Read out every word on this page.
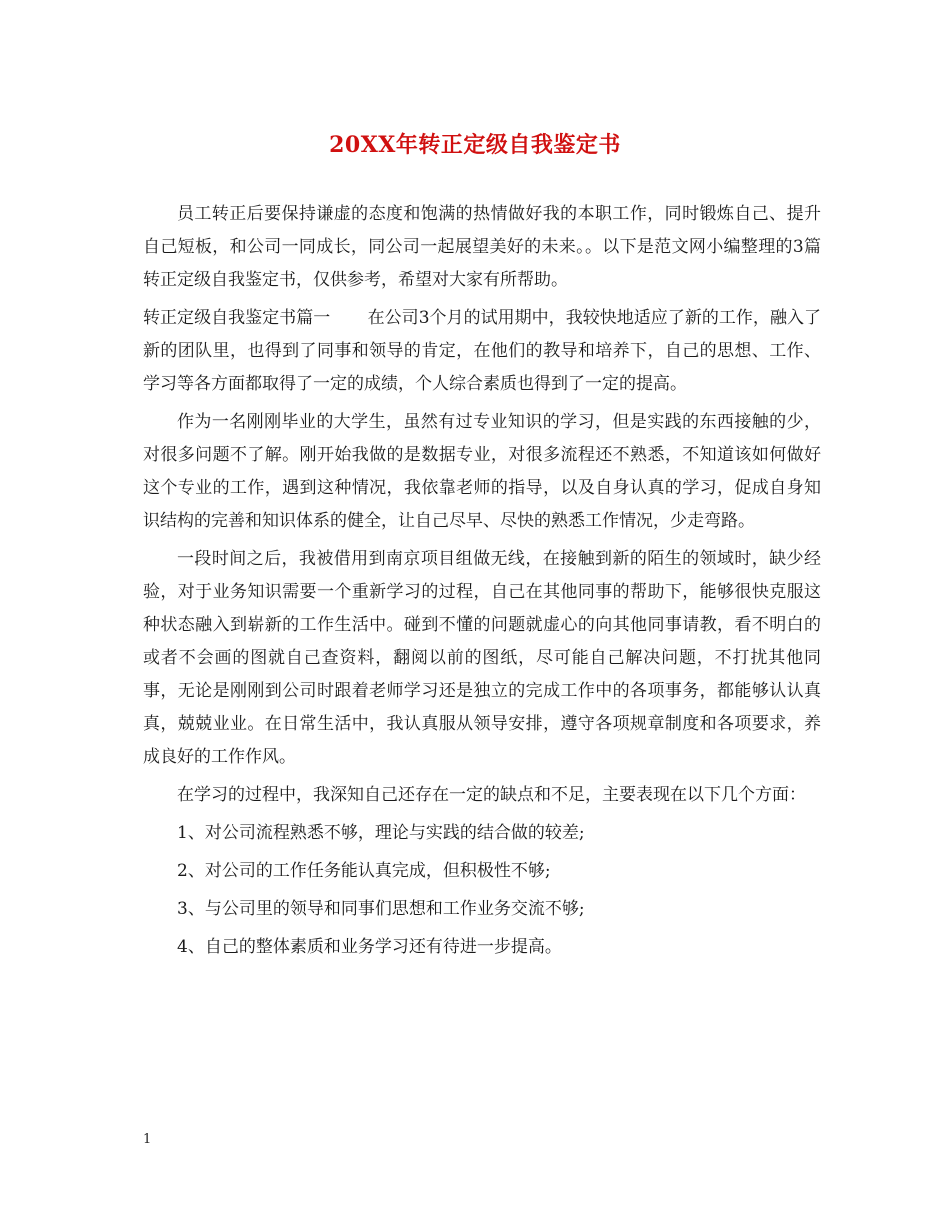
20XX年转正定级自我鉴定书

员工转正后要保持谦虚的态度和饱满的热情做好我的本职工作，同时锻炼自己、提升自己短板，和公司一同成长，同公司一起展望美好的未来。。以下是范文网小编整理的3篇转正定级自我鉴定书，仅供参考，希望对大家有所帮助。

转正定级自我鉴定书篇一 在公司3个月的试用期中，我较快地适应了新的工作，融入了新的团队里，也得到了同事和领导的肯定，在他们的教导和培养下，自己的思想、工作、学习等各方面都取得了一定的成绩，个人综合素质也得到了一定的提高。

作为一名刚刚毕业的大学生，虽然有过专业知识的学习，但是实践的东西接触的少，对很多问题不了解。刚开始我做的是数据专业，对很多流程还不熟悉，不知道该如何做好这个专业的工作，遇到这种情况，我依靠老师的指导，以及自身认真的学习，促成自身知识结构的完善和知识体系的健全，让自己尽早、尽快的熟悉工作情况，少走弯路。

一段时间之后，我被借用到南京项目组做无线，在接触到新的陌生的领域时，缺少经验，对于业务知识需要一个重新学习的过程，自己在其他同事的帮助下，能够很快克服这种状态融入到崭新的工作生活中。碰到不懂的问题就虚心的向其他同事请教，看不明白的或者不会画的图就自己查资料，翻阅以前的图纸，尽可能自己解决问题，不打扰其他同事，无论是刚刚到公司时跟着老师学习还是独立的完成工作中的各项事务，都能够认认真真，兢兢业业。在日常生活中，我认真服从领导安排，遵守各项规章制度和各项要求，养成良好的工作作风。

在学习的过程中，我深知自己还存在一定的缺点和不足，主要表现在以下几个方面：

1、对公司流程熟悉不够，理论与实践的结合做的较差;
2、对公司的工作任务能认真完成，但积极性不够;
3、与公司里的领导和同事们思想和工作业务交流不够;
4、自己的整体素质和业务学习还有待进一步提高。
1
